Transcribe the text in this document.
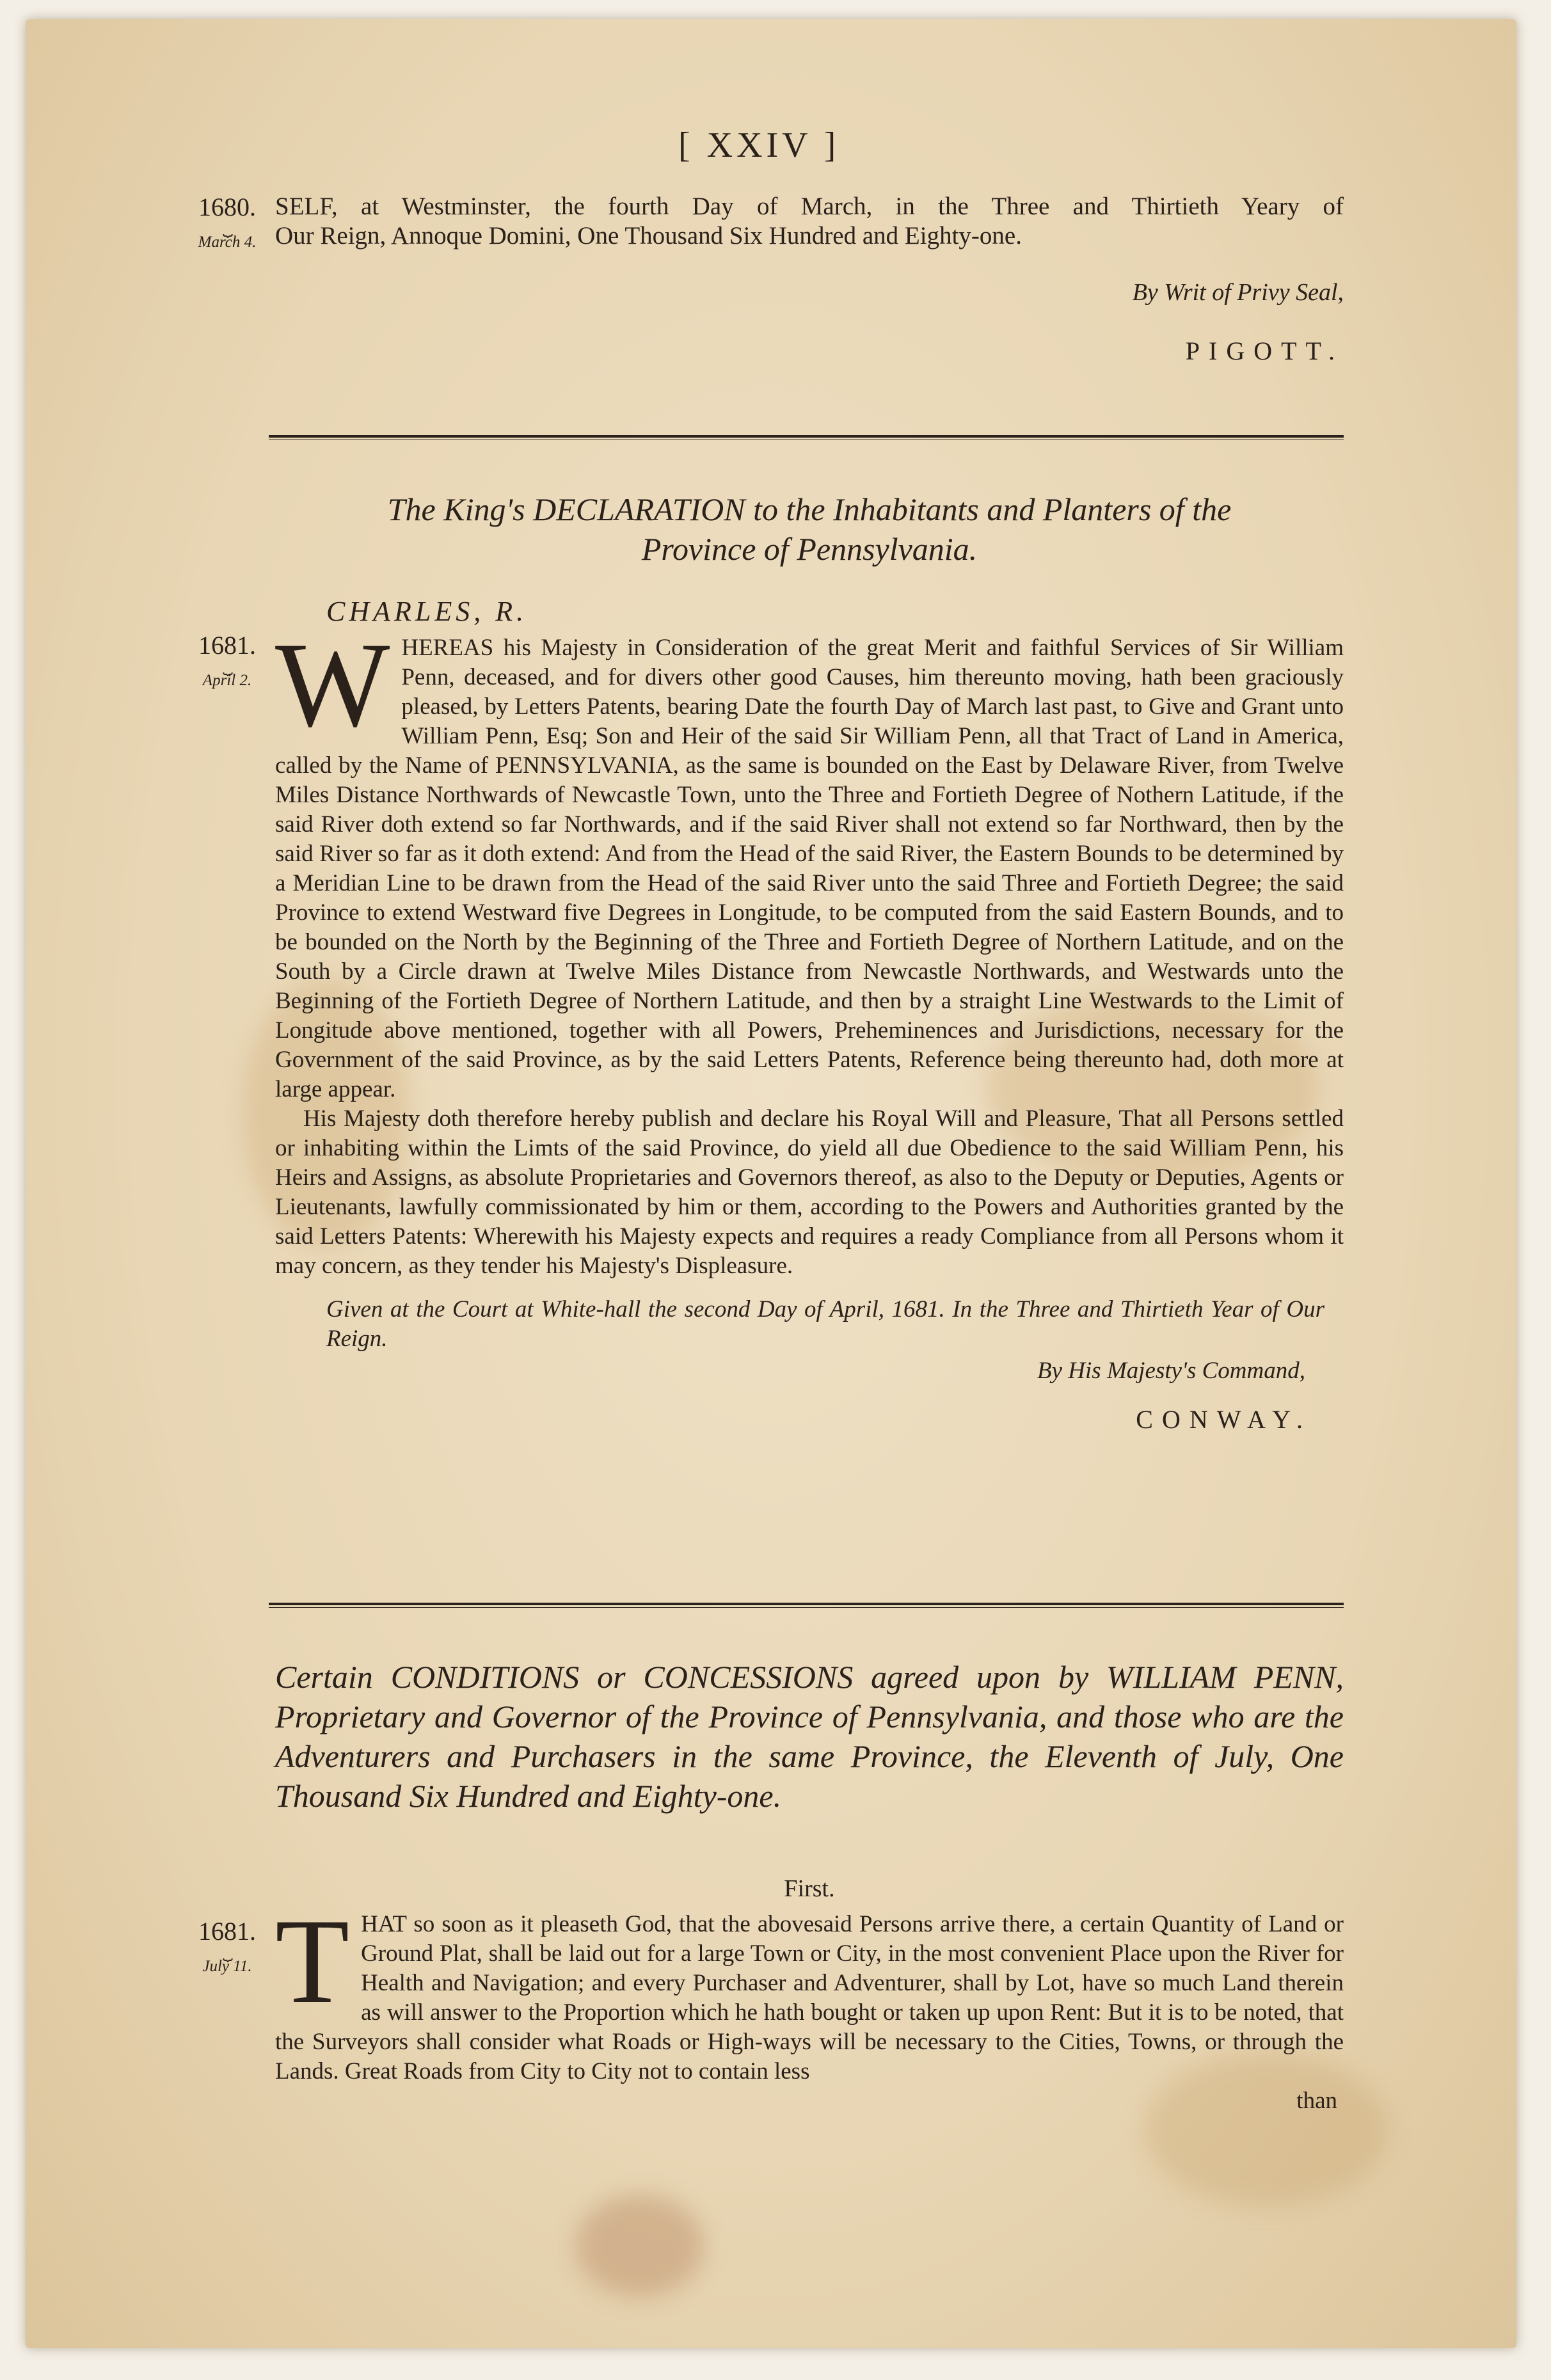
[ XXIV ]
1680.
⏟
March 4.

SELF, at Westminster, the fourth Day of March, in the Three and Thirtieth Yeary of

Our Reign, Annoque Domini, One Thousand Six Hundred and Eighty-one.

By Writ of Privy Seal,
PIGOTT.
The King's DECLARATION to the Inhabitants and Planters of the
Province of Pennsylvania.
CHARLES, R.
1681.
⏟
April 2. W HEREAS his Majesty in Consideration of the great Merit and faithful Services of Sir William Penn, deceased, and for divers other good Causes, him thereunto moving, hath been graciously pleased, by Letters Patents, bearing Date the fourth Day of March last past, to Give and Grant unto William Penn, Esq; Son and Heir of the said Sir William Penn, all that Tract of Land in America, called by the Name of PENNSYLVANIA, as the same is bounded on the East by Delaware River, from Twelve Miles Distance Northwards of Newcastle Town, unto the Three and Fortieth Degree of Nothern Latitude, if the said River doth extend so far Northwards, and if the said River shall not extend so far Northward, then by the said River so far as it doth extend: And from the Head of the said River, the Eastern Bounds to be determined by a Meridian Line to be drawn from the Head of the said River unto the said Three and Fortieth Degree; the said Province to extend Westward five Degrees in Longitude, to be computed from the said Eastern Bounds, and to be bounded on the North by the Beginning of the Three and Fortieth Degree of Northern Latitude, and on the South by a Circle drawn at Twelve Miles Distance from Newcastle Northwards, and Westwards unto the Beginning of the Fortieth Degree of Northern Latitude, and then by a straight Line Westwards to the Limit of Longitude above mentioned, together with all Powers, Preheminences and Jurisdictions, necessary for the Government of the said Province, as by the said Letters Patents, Reference being thereunto had, doth more at large appear.

His Majesty doth therefore hereby publish and declare his Royal Will and Pleasure, That all Persons settled or inhabiting within the Limts of the said Province, do yield all due Obedience to the said William Penn, his Heirs and Assigns, as absolute Proprietaries and Governors thereof, as also to the Deputy or Deputies, Agents or Lieutenants, lawfully commissionated by him or them, according to the Powers and Authorities granted by the said Letters Patents: Wherewith his Majesty expects and requires a ready Compliance from all Persons whom it may concern, as they tender his Majesty's Displeasure.

Given at the Court at White-hall the second Day of April, 1681. In the Three and Thirtieth Year of Our Reign.

By His Majesty's Command,

CONWAY.

Certain CONDITIONS or CONCESSIONS agreed upon by WILLIAM PENN, Proprietary and Governor of the Province of Pennsylvania, and those who are the Adventurers and Purchasers in the same Province, the Eleventh of July, One Thousand Six Hundred and Eighty-one.
First.
1681.
⏟
July 11. T HAT so soon as it pleaseth God, that the abovesaid Persons arrive there, a certain Quantity of Land or Ground Plat, shall be laid out for a large Town or City, in the most convenient Place upon the River for Health and Navigation; and every Purchaser and Adventurer, shall by Lot, have so much Land therein as will answer to the Proportion which he hath bought or taken up upon Rent: But it is to be noted, that the Surveyors shall consider what Roads or High-ways will be necessary to the Cities, Towns, or through the Lands. Great Roads from City to City not to contain less

than
